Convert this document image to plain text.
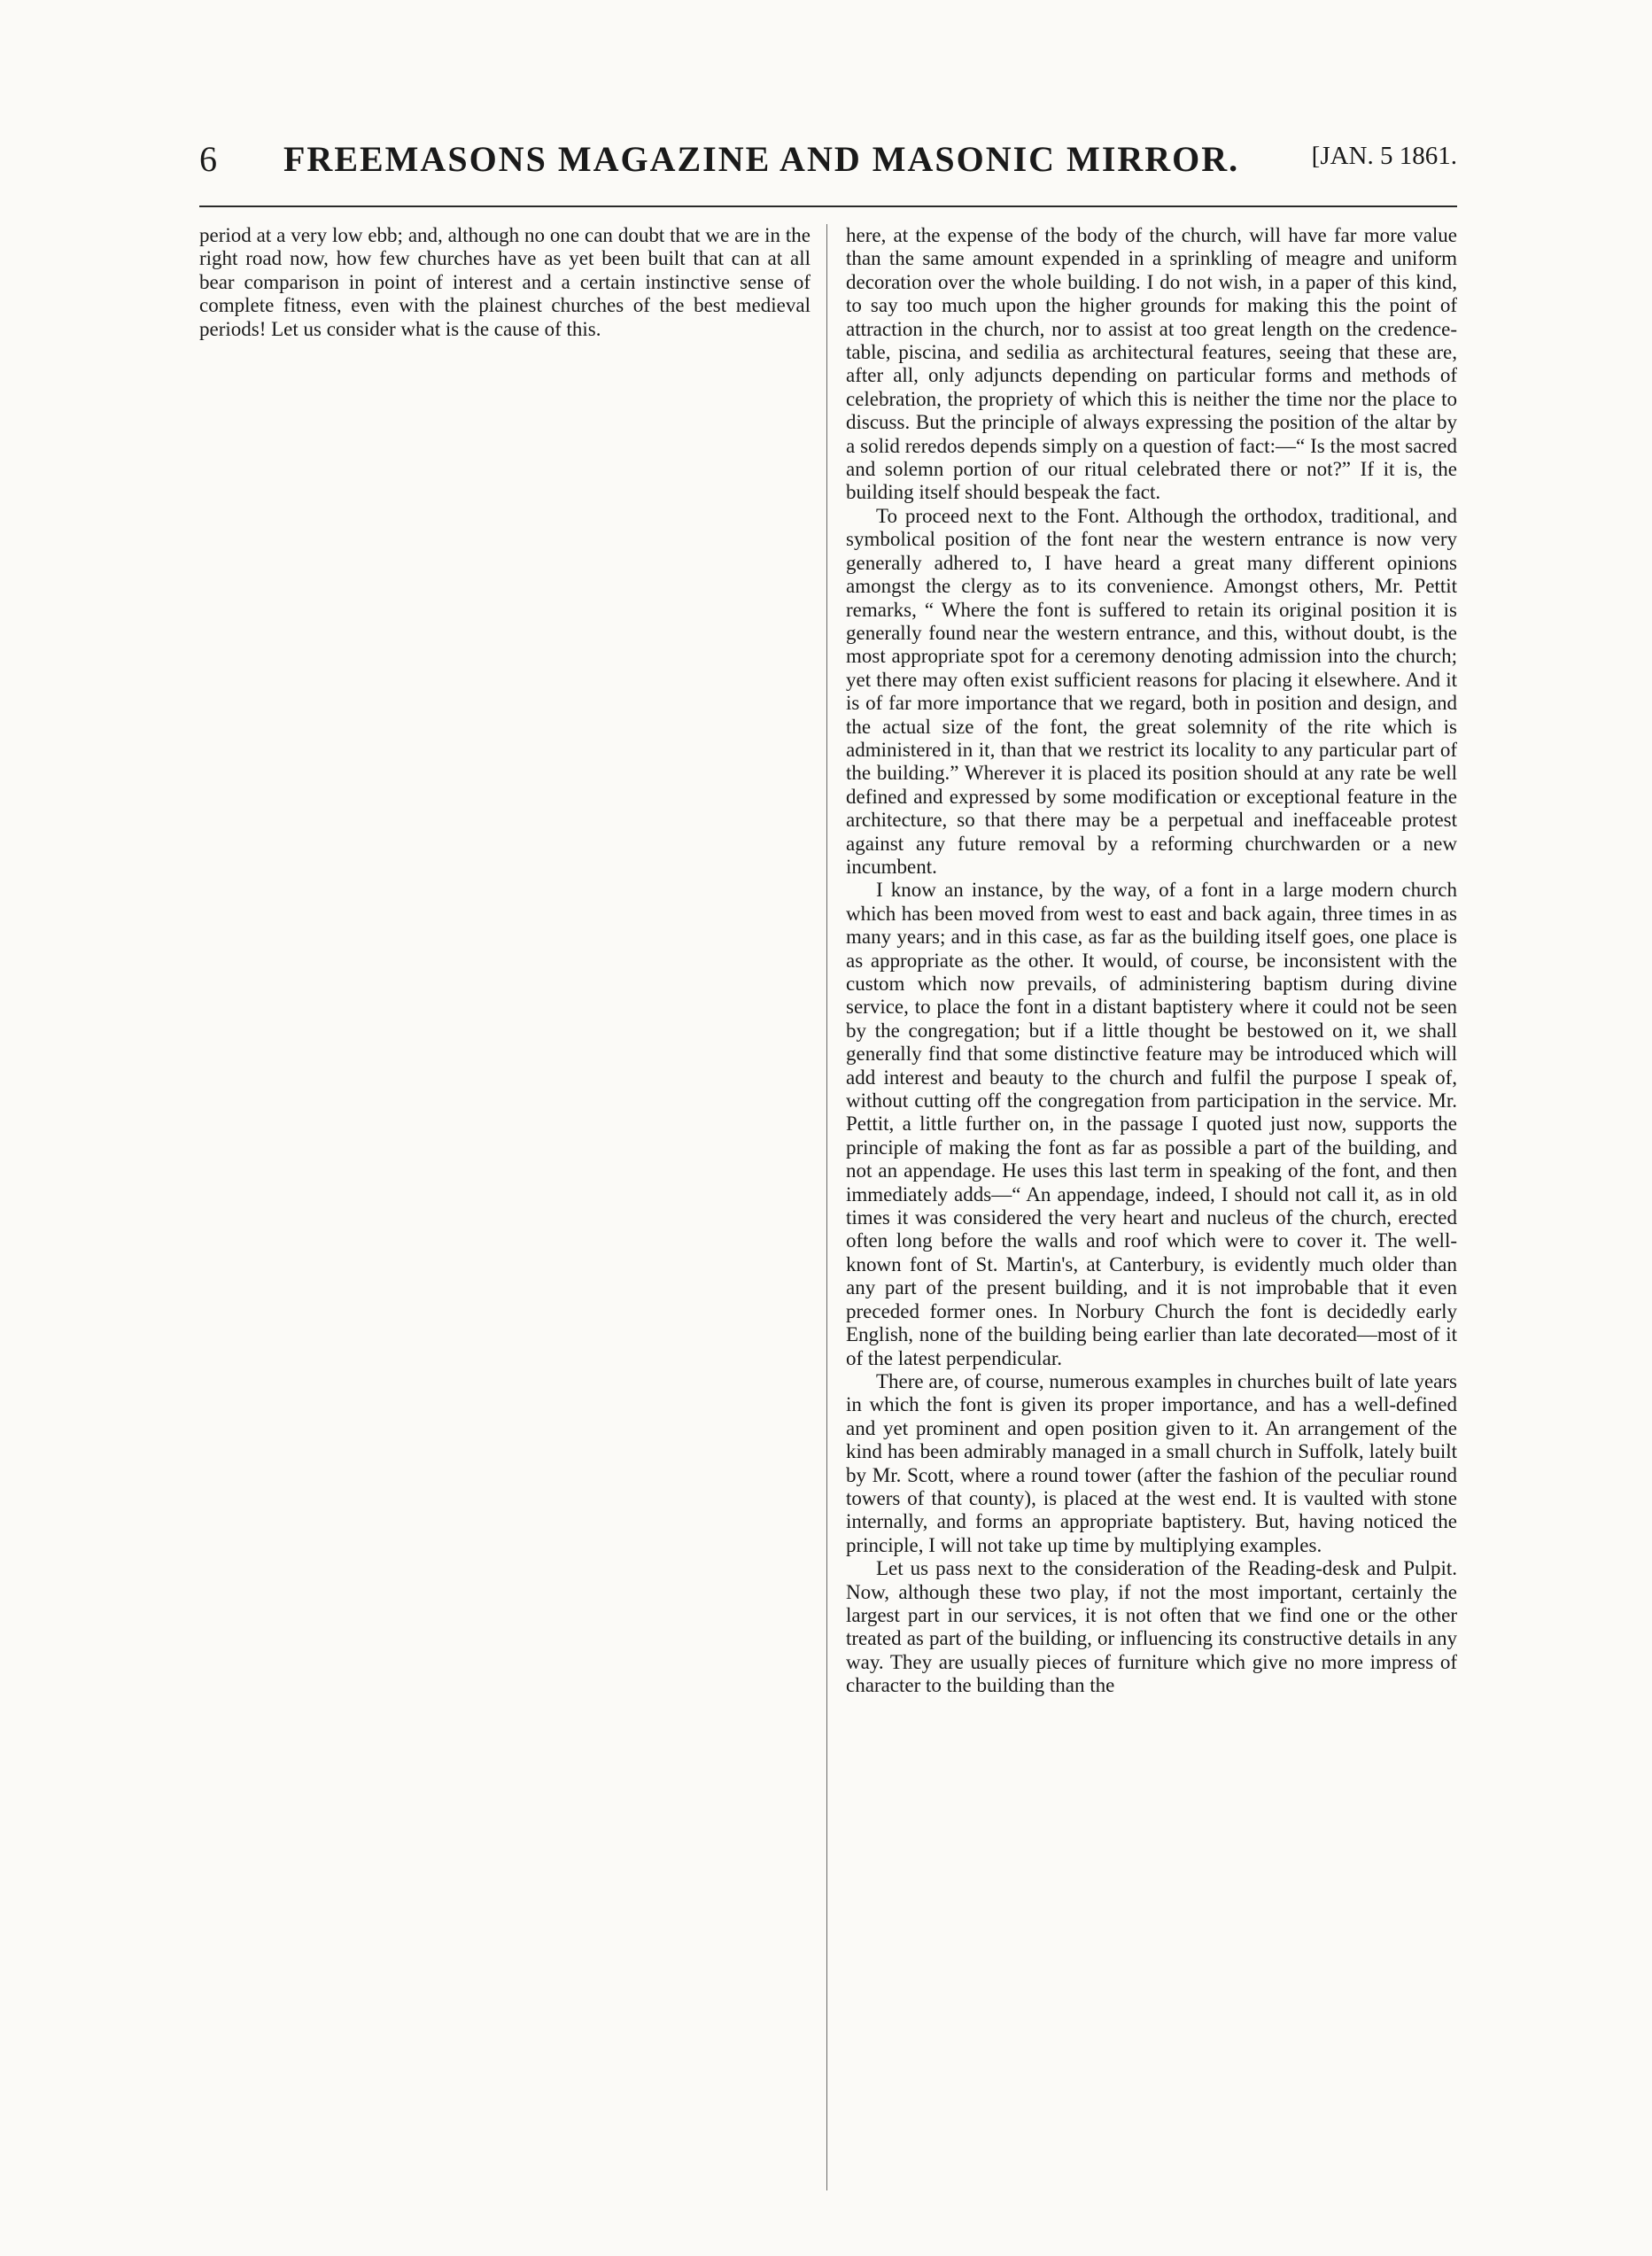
6 FREEMASONS MAGAZINE AND MASONIC MIRROR.	[JAN. 5 1861.

period at a very low ebb; and, although no one can doubt that we are in the right road now, how few churches have as yet been built that can at all bear comparison in point of interest and a certain instinctive sense of complete fitness, even with the plainest churches of the best medieval periods! Let us consider what is the cause of this.

here, at the expense of the body of the church, will have far more value than the same amount expended in a sprinkling of meagre and uniform decoration over the whole building. I do not wish, in a paper of this kind, to say too much upon the higher grounds for making this the point of attraction in the church, nor to assist at too great length on the credence-table, piscina, and sedilia as architectural features, seeing that these are, after all, only adjuncts depending on particular forms and methods of celebration, the propriety of which this is neither the time nor the place to discuss. But the principle of always expressing the position of the altar by a solid reredos depends simply on a question of fact:—“ Is the most sacred and solemn portion of our ritual celebrated there or not?” If it is, the building itself should bespeak the fact.

To proceed next to the Font. Although the orthodox, traditional, and symbolical position of the font near the western entrance is now very generally adhered to, I have heard a great many different opinions amongst the clergy as to its convenience. Amongst others, Mr. Pettit remarks, “ Where the font is suffered to retain its original position it is generally found near the western entrance, and this, without doubt, is the most appropriate spot for a ceremony denoting admission into the church; yet there may often exist sufficient reasons for placing it elsewhere. And it is of far more importance that we regard, both in position and design, and the actual size of the font, the great solemnity of the rite which is administered in it, than that we restrict its locality to any particular part of the building.” Wherever it is placed its position should at any rate be well defined and expressed by some modification or exceptional feature in the architecture, so that there may be a perpetual and ineffaceable protest against any future removal by a reforming churchwarden or a new incumbent.

I know an instance, by the way, of a font in a large modern church which has been moved from west to east and back again, three times in as many years; and in this case, as far as the building itself goes, one place is as appropriate as the other. It would, of course, be inconsistent with the custom which now prevails, of administering baptism during divine service, to place the font in a distant baptistery where it could not be seen by the congregation; but if a little thought be bestowed on it, we shall generally find that some distinctive feature may be introduced which will add interest and beauty to the church and fulfil the purpose I speak of, without cutting off the congregation from participation in the service. Mr. Pettit, a little further on, in the passage I quoted just now, supports the principle of making the font as far as possible a part of the building, and not an appendage. He uses this last term in speaking of the font, and then immediately adds—“ An appendage, indeed, I should not call it, as in old times it was considered the very heart and nucleus of the church, erected often long before the walls and roof which were to cover it. The well-known font of St. Martin's, at Canterbury, is evidently much older than any part of the present building, and it is not improbable that it even preceded former ones. In Norbury Church the font is decidedly early English, none of the building being earlier than late decorated—most of it of the latest perpendicular.

There are, of course, numerous examples in churches built of late years in which the font is given its proper importance, and has a well-defined and yet prominent and open position given to it. An arrangement of the kind has been admirably managed in a small church in Suffolk, lately built by Mr. Scott, where a round tower (after the fashion of the peculiar round towers of that county), is placed at the west end. It is vaulted with stone internally, and forms an appropriate baptistery. But, having noticed the principle, I will not take up time by multiplying examples.

Let us pass next to the consideration of the Reading-desk and Pulpit. Now, although these two play, if not the most important, certainly the largest part in our services, it is not often that we find one or the other treated as part of the building, or influencing its constructive details in any way. They are usually pieces of furniture which give no more impress of character to the building than the
